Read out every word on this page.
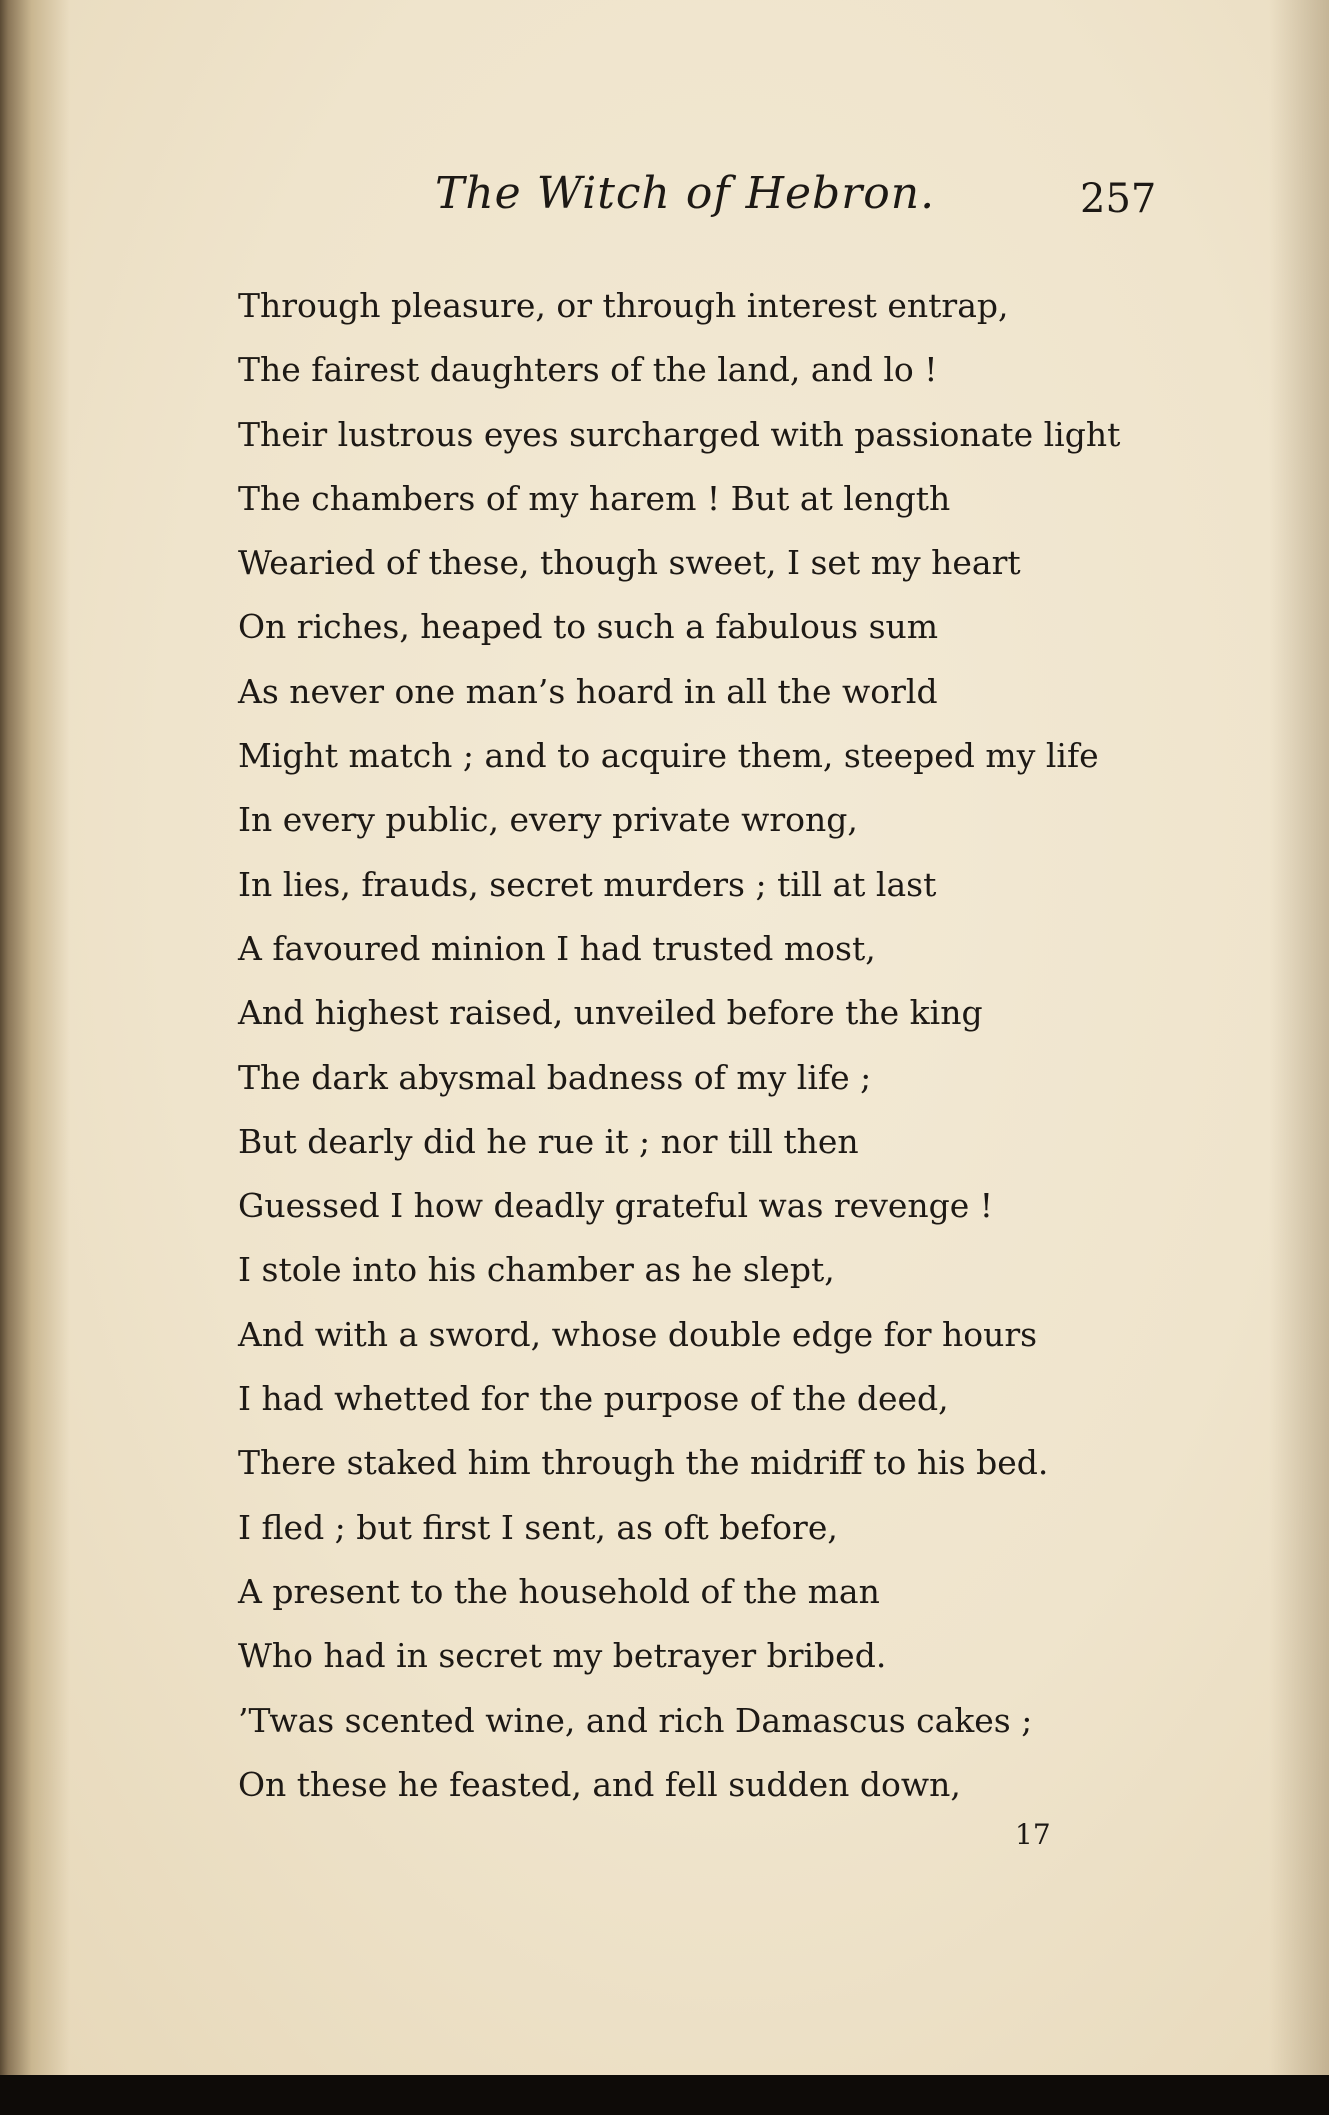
The Witch of Hebron.	257
Through pleasure, or through interest entrap,
The fairest daughters of the land, and lo !
Their lustrous eyes surcharged with passionate light
The chambers of my harem ! But at length
Wearied of these, though sweet, I set my heart
On riches, heaped to such a fabulous sum
As never one man’s hoard in all the world
Might match ; and to acquire them, steeped my life
In every public, every private wrong,
In lies, frauds, secret murders ; till at last
A favoured minion I had trusted most,
And highest raised, unveiled before the king
The dark abysmal badness of my life ;
But dearly did he rue it ; nor till then
Guessed I how deadly grateful was revenge !
I stole into his chamber as he slept,
And with a sword, whose double edge for hours
I had whetted for the purpose of the deed,
There staked him through the midriff to his bed.
I fled ; but first I sent, as oft before,
A present to the household of the man
Who had in secret my betrayer bribed.
’Twas scented wine, and rich Damascus cakes ;
On these he feasted, and fell sudden down,
17
